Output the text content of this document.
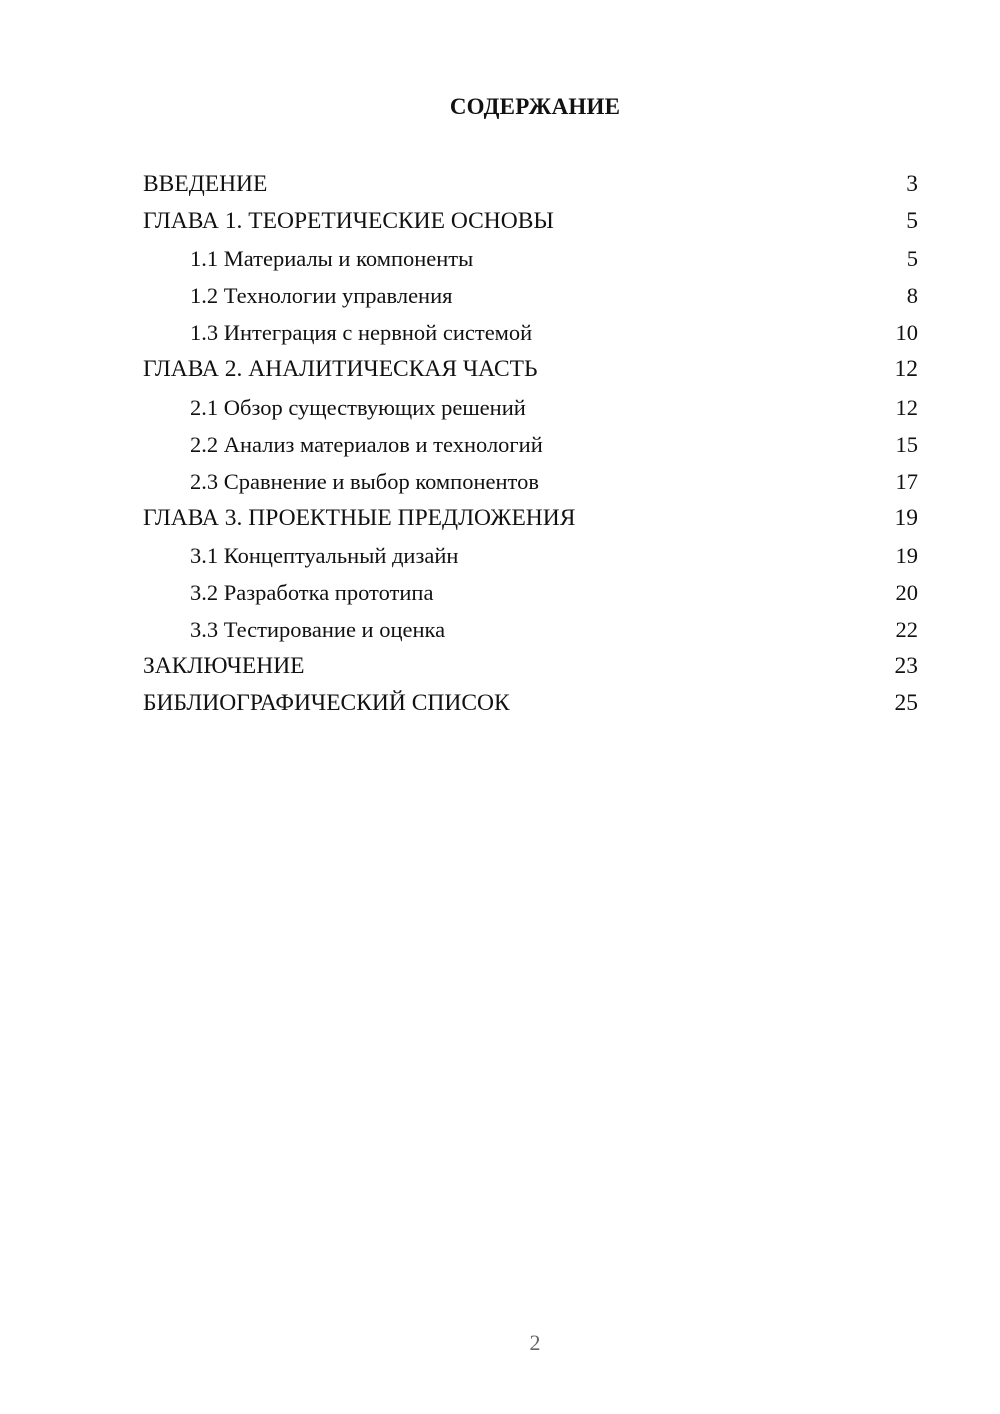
СОДЕРЖАНИЕ
ВВЕДЕНИЕ	3
ГЛАВА 1. ТЕОРЕТИЧЕСКИЕ ОСНОВЫ	5
1.1 Материалы и компоненты	5
1.2 Технологии управления	8
1.3 Интеграция с нервной системой	10
ГЛАВА 2. АНАЛИТИЧЕСКАЯ ЧАСТЬ	12
2.1 Обзор существующих решений	12
2.2 Анализ материалов и технологий	15
2.3 Сравнение и выбор компонентов	17
ГЛАВА 3. ПРОЕКТНЫЕ ПРЕДЛОЖЕНИЯ	19
3.1 Концептуальный дизайн	19
3.2 Разработка прототипа	20
3.3 Тестирование и оценка	22
ЗАКЛЮЧЕНИЕ	23
БИБЛИОГРАФИЧЕСКИЙ СПИСОК	25
2
